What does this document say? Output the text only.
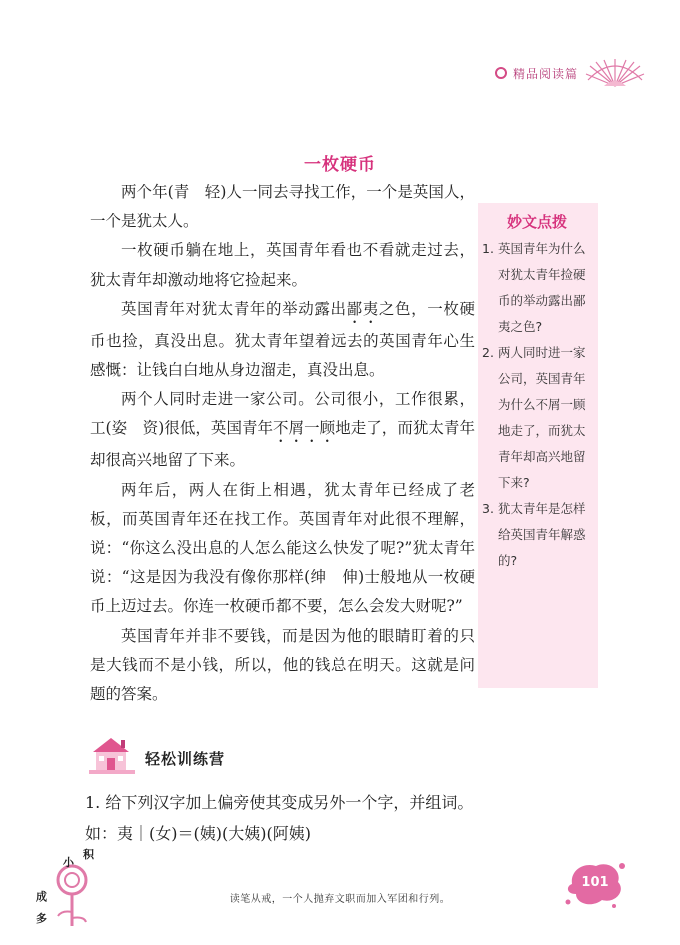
精品阅读篇
一枚硬币

两个年(青　轻)人一同去寻找工作，一个是英国人，一个是犹太人。

一枚硬币躺在地上，英国青年看也不看就走过去，犹太青年却激动地将它捡起来。

英国青年对犹太青年的举动露出鄙夷之色，一枚硬币也捡，真没出息。犹太青年望着远去的英国青年心生感慨：让钱白白地从身边溜走，真没出息。

两个人同时走进一家公司。公司很小，工作很累，工(姿　资)很低，英国青年不屑一顾地走了，而犹太青年却很高兴地留了下来。

两年后，两人在街上相遇，犹太青年已经成了老板，而英国青年还在找工作。英国青年对此很不理解，说：“你这么没出息的人怎么能这么快发了呢?”犹太青年说：“这是因为我没有像你那样(绅　伸)士般地从一枚硬币上迈过去。你连一枚硬币都不要，怎么会发大财呢?”

英国青年并非不要钱，而是因为他的眼睛盯着的只是大钱而不是小钱，所以，他的钱总在明天。这就是问题的答案。

妙文点拨
1. 英国青年为什么对犹太青年捡硬币的举动露出鄙夷之色?
2. 两人同时进一家公司，英国青年为什么不屑一顾地走了，而犹太青年却高兴地留下来?
3. 犹太青年是怎样给英国青年解惑的?
轻松训练营
1. 给下列汉字加上偏旁使其变成另外一个字，并组词。
如：夷｜(女)＝(姨)(大姨)(阿姨)
小
积
成
多
读笔从戒，一个人抛弃文职而加入军团和行列。
101
